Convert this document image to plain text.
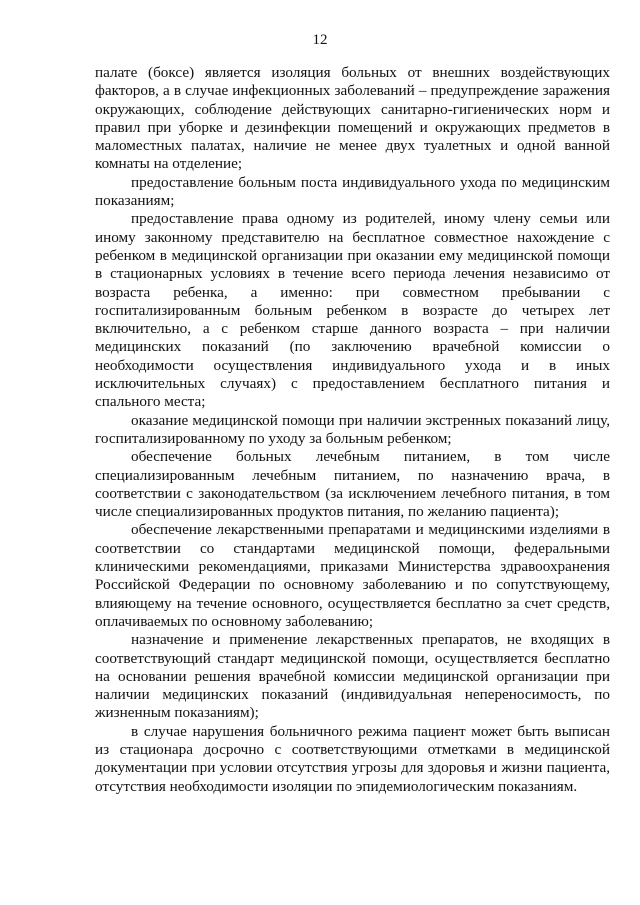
12

палате (боксе) является изоляция больных от внешних воздействующих факторов, а в случае инфекционных заболеваний – предупреждение заражения окружающих, соблюдение действующих санитарно-гигиенических норм и правил при уборке и дезинфекции помещений и окружающих предметов в маломестных палатах, наличие не менее двух туалетных и одной ванной комнаты на отделение;

предоставление больным поста индивидуального ухода по медицинским показаниям;

предоставление права одному из родителей, иному члену семьи или иному законному представителю на бесплатное совместное нахождение с ребенком в медицинской организации при оказании ему медицинской помощи в стационарных условиях в течение всего периода лечения независимо от возраста ребенка, а именно: при совместном пребывании с госпитализированным больным ребенком в возрасте до четырех лет включительно, а с ребенком старше данного возраста – при наличии медицинских показаний (по заключению врачебной комиссии о необходимости осуществления индивидуального ухода и в иных исключительных случаях) с предоставлением бесплатного питания и спального места;

оказание медицинской помощи при наличии экстренных показаний лицу, госпитализированному по уходу за больным ребенком;

обеспечение больных лечебным питанием, в том числе специализированным лечебным питанием, по назначению врача, в соответствии с законодательством (за исключением лечебного питания, в том числе специализированных продуктов питания, по желанию пациента);

обеспечение лекарственными препаратами и медицинскими изделиями в соответствии со стандартами медицинской помощи, федеральными клиническими рекомендациями, приказами Министерства здравоохранения Российской Федерации по основному заболеванию и по сопутствующему, влияющему на течение основного, осуществляется бесплатно за счет средств, оплачиваемых по основному заболеванию;

назначение и применение лекарственных препаратов, не входящих в соответствующий стандарт медицинской помощи, осуществляется бесплатно на основании решения врачебной комиссии медицинской организации при наличии медицинских показаний (индивидуальная непереносимость, по жизненным показаниям);

в случае нарушения больничного режима пациент может быть выписан из стационара досрочно с соответствующими отметками в медицинской документации при условии отсутствия угрозы для здоровья и жизни пациента, отсутствия необходимости изоляции по эпидемиологическим показаниям.
